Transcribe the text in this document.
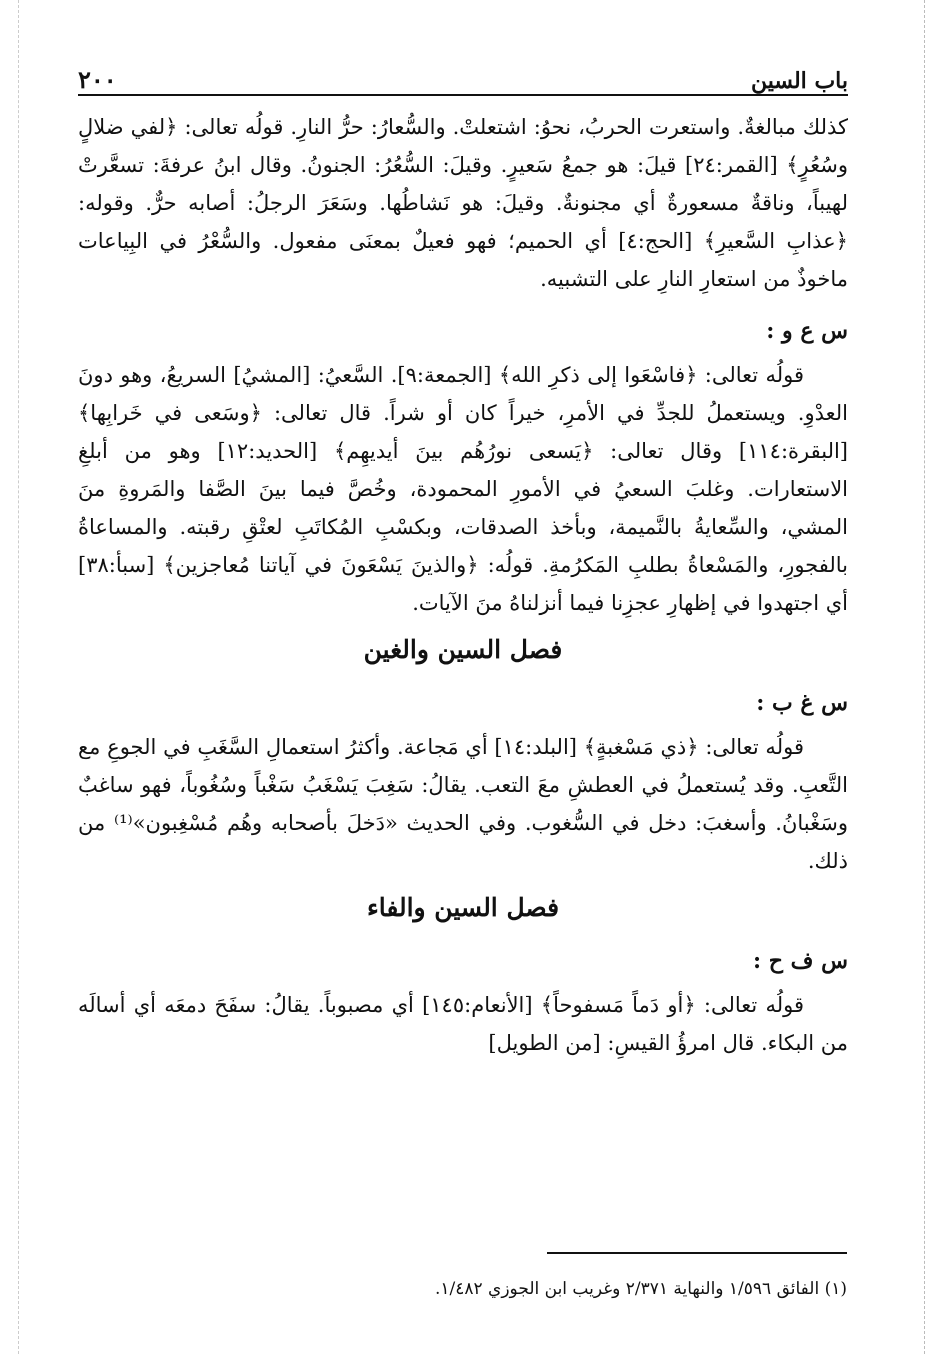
باب السين
٢٠٠

كذلك مبالغةٌ. واستعرت الحربُ، نحوُ: اشتعلتْ. والسُّعارُ: حرُّ النارِ. قولُه تعالى: ﴿لفي ضلالٍ وسُعُرٍ﴾ [القمر:٢٤] قيلَ: هو جمعُ سَعيرٍ. وقيلَ: السُّعُرُ: الجنونُ. وقال ابنُ عرفةَ: تسعَّرتْ لهيباً، وناقةٌ مسعورةٌ أي مجنونةٌ. وقيلَ: هو نَشاطُها. وسَعَرَ الرجلُ: أصابه حرٌّ. وقوله: ﴿عذابِ السَّعيرِ﴾ [الحج:٤] أي الحميم؛ فهو فعيلٌ بمعنَى مفعول. والسُّعْرُ في البِياعات ماخوذٌ من استعارِ النارِ على التشبيه.

س ع و :

قولُه تعالى: ﴿فاسْعَوا إلى ذكرِ الله﴾ [الجمعة:٩]. السَّعيُ: [المشيُ] السريعُ، وهو دونَ العدْوِ. ويستعملُ للجدِّ في الأمرِ، خيراً كان أو شراً. قال تعالى: ﴿وسَعى في خَرابِها﴾ [البقرة:١١٤] وقال تعالى: ﴿يَسعى نورُهُم بينَ أيديهِم﴾ [الحديد:١٢] وهو من أبلغِ الاستعارات. وغلبَ السعيُ في الأمورِ المحمودة، وخُصَّ فيما بينَ الصَّفا والمَروةِ منَ المشي، والسِّعايةُ بالنَّميمة، وبأخذ الصدقات، وبكسْبِ المُكاتَبِ لعتْقِ رقبته. والمساعاةُ بالفجورِ، والمَسْعاةُ بطلبِ المَكرُمةِ. قولُه: ﴿والذينَ يَسْعَونَ في آياتنا مُعاجزين﴾ [سبأ:٣٨] أي اجتهدوا في إظهارِ عجزِنا فيما أنزلناهُ منَ الآيات.

فصل السين والغين
س غ ب :

قولُه تعالى: ﴿ذي مَسْغبةٍ﴾ [البلد:١٤] أي مَجاعة. وأكثرُ استعمالِ السَّغَبِ في الجوعِ مع التَّعبِ. وقد يُستعملُ في العطشِ معَ التعب. يقالُ: سَغِبَ يَسْغَبُ سَغْباً وسُغُوباً، فهو ساغبٌ وسَغْبانُ. وأسغبَ: دخل في السُّغوب. وفي الحديث «دَخلَ بأصحابه وهُم مُسْغِبون»⁽¹⁾ من ذلك.

فصل السين والفاء
س ف ح :

قولُه تعالى: ﴿أو دَماً مَسفوحاً﴾ [الأنعام:١٤٥] أي مصبوباً. يقالُ: سفَحَ دمعَه أي أسالَه من البكاء. قال امرؤُ القيسِ: [من الطويل]

(١) الفائق ١/٥٩٦ والنهاية ٢/٣٧١ وغريب ابن الجوزي ١/٤٨٢.
